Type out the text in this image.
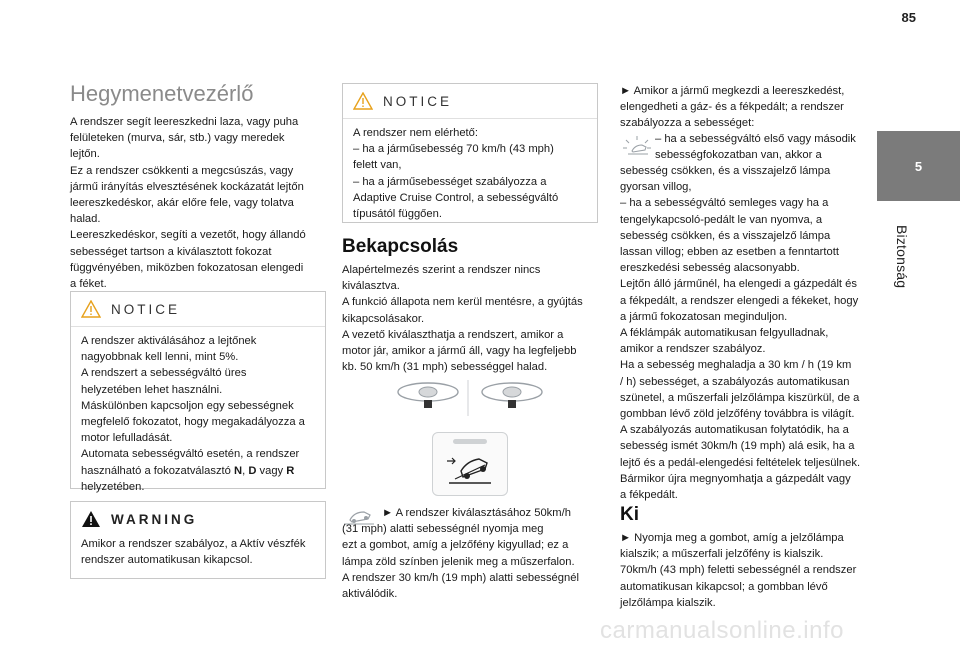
85
5
Biztonság
Hegymenetvezérlő

A rendszer segít leereszkedni laza, vagy puha
felületeken (murva, sár, stb.) vagy meredek
lejtőn.
Ez a rendszer csökkenti a megcsúszás, vagy
jármű irányítás elvesztésének kockázatát lejtőn
leereszkedéskor, akár előre fele, vagy tolatva
halad.
Leereszkedéskor, segíti a vezetőt, hogy állandó
sebességet tartson a kiválasztott fokozat
függvényében, miközben fokozatosan elengedi
a féket.

NOTICE
A rendszer aktiválásához a lejtőnek
nagyobbnak kell lenni, mint 5%.
A rendszert a sebességváltó üres
helyzetében lehet használni.
Máskülönben kapcsoljon egy sebességnek
megfelelő fokozatot, hogy megakadályozza a
motor lefulladását.
Automata sebességváltó esetén, a rendszer
használható a fokozatválasztó N, D vagy R
helyzetében.
WARNING
Amikor a rendszer szabályoz, a Aktív vészfék
rendszer automatikusan kikapcsol.
NOTICE
A rendszer nem elérhető:
– ha a járműsebesség 70 km/h (43 mph)
felett van,
– ha a járműsebességet szabályozza a
Adaptive Cruise Control, a sebességváltó
típusától függően.
Bekapcsolás

Alapértelmezés szerint a rendszer nincs
kiválasztva.
A funkció állapota nem kerül mentésre, a gyújtás
kikapcsolásakor.
A vezető kiválaszthatja a rendszert, amikor a
motor jár, amikor a jármű áll, vagy ha legfeljebb
kb. 50 km/h (31 mph) sebességgel halad.

► A rendszer kiválasztásához 50km/h
(31 mph) alatti sebességnél nyomja meg
ezt a gombot, amíg a jelzőfény kigyullad; ez a
lámpa zöld színben jelenik meg a műszerfalon.
A rendszer 30 km/h (19 mph) alatti sebességnél
aktiválódik.

► Amikor a jármű megkezdi a leereszkedést,
elengedheti a gáz- és a fékpedált; a rendszer
szabályozza a sebességet:

– ha a sebességváltó első vagy második
sebességfokozatban van, akkor a

sebesség csökken, és a visszajelző lámpa
gyorsan villog,
– ha a sebességváltó semleges vagy ha a
tengelykapcsoló-pedált le van nyomva, a
sebesség csökken, és a visszajelző lámpa
lassan villog; ebben az esetben a fenntartott
ereszkedési sebesség alacsonyabb.
Lejtőn álló járműnél, ha elengedi a gázpedált és
a fékpedált, a rendszer elengedi a fékeket, hogy
a jármű fokozatosan meginduljon.
A féklámpák automatikusan felgyulladnak,
amikor a rendszer szabályoz.
Ha a sebesség meghaladja a 30 km / h (19 km
/ h) sebességet, a szabályozás automatikusan
szünetel, a műszerfali jelzőlámpa kiszürkül, de a
gombban lévő zöld jelzőfény továbbra is világít.
A szabályozás automatikusan folytatódik, ha a
sebesség ismét 30km/h (19 mph) alá esik, ha a
lejtő és a pedál-elengedési feltételek teljesülnek.
Bármikor újra megnyomhatja a gázpedált vagy
a fékpedált.

Ki

► Nyomja meg a gombot, amíg a jelzőlámpa
kialszik; a műszerfali jelzőfény is kialszik.
70km/h (43 mph) feletti sebességnél a rendszer
automatikusan kikapcsol; a gombban lévő
jelzőlámpa kialszik.

carmanualsonline.info
